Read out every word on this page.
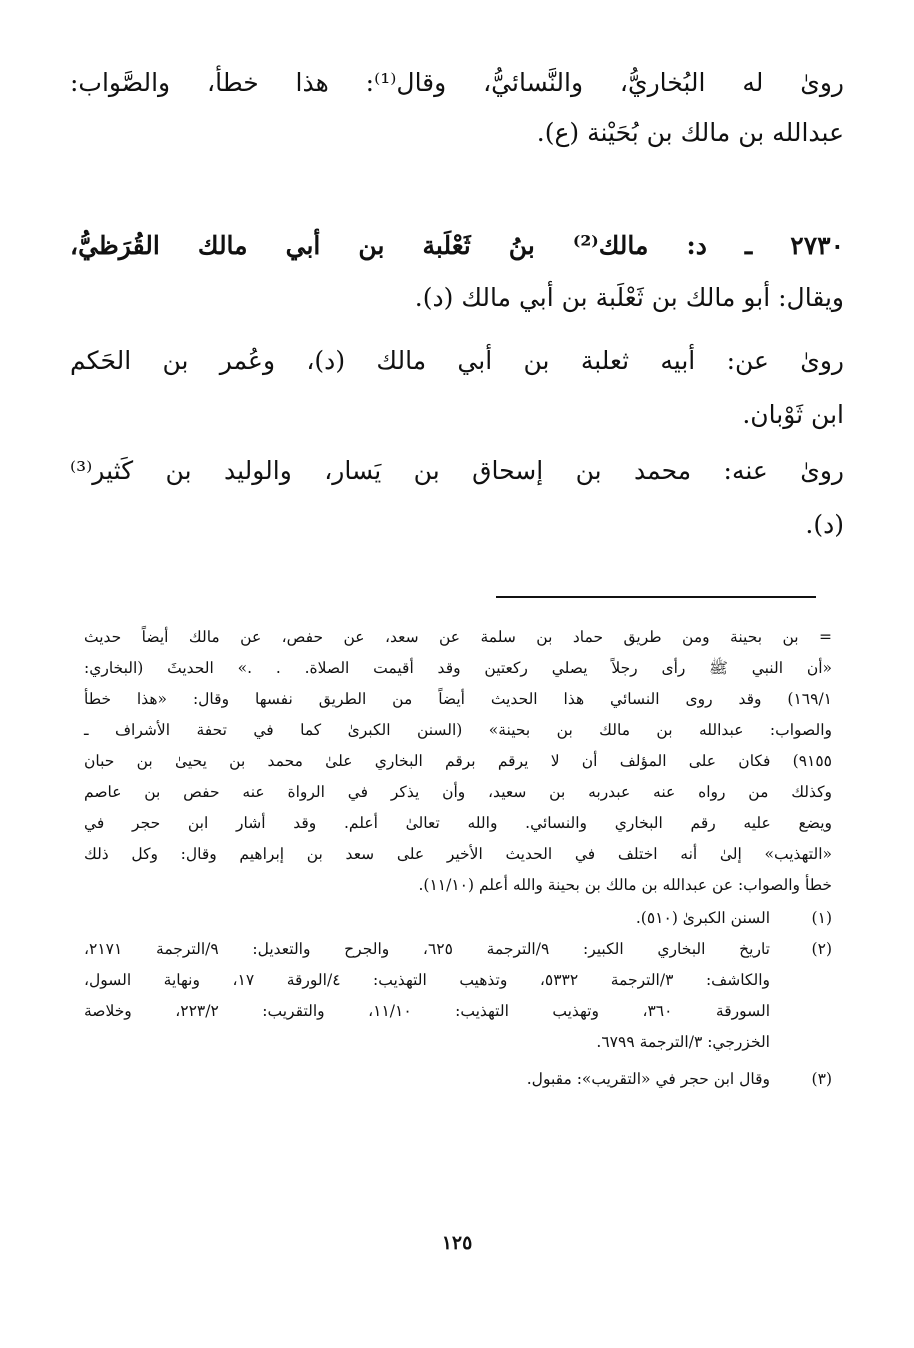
رویٰ له البُخاريُّ، والنَّسائيُّ، وقال⁽¹⁾: هذا خطأ، والصَّواب:
عبدالله بن مالك بن بُحَيْنة (ع).
٢٧٣٠ ـ د: مالك⁽²⁾ بنُ ثَعْلَبة بن أبي مالك القُرَظيُّ،
ويقال: أبو مالك بن ثَعْلَبة بن أبي مالك (د).
رویٰ عن: أبيه ثعلبة بن أبي مالك (د)، وعُمر بن الحَكم
ابن ثَوْبان.
رویٰ عنه: محمد بن إسحاق بن يَسار، والوليد بن كَثير⁽³⁾
(د).
= بن بحينة ومن طريق حماد بن سلمة عن سعد، عن حفص، عن مالك أيضاً حديث
«أن النبي ﷺ رأی رجلاً يصلي ركعتين وقد أقيمت الصلاة. . .» الحديثَ (البخاري:
١٦٩/١) وقد روی النسائي هذا الحديث أيضاً من الطريق نفسها وقال: «هذا خطأ
والصواب: عبدالله بن مالك بن بحينة» (السنن الكبریٰ كما في تحفة الأشراف ـ
٩١٥٥) فكان علی المؤلف أن لا يرقم برقم البخاري علیٰ محمد بن يحيیٰ بن حبان
وكذلك من رواه عنه عبدربه بن سعيد، وأن يذكر في الرواة عنه حفص بن عاصم
ويضع عليه رقم البخاري والنسائي. والله تعالیٰ أعلم. وقد أشار ابن حجر في
«التهذيب» إلیٰ أنه اختلف في الحديث الأخير علی سعد بن إبراهيم وقال: وكل ذلك
خطأ والصواب: عن عبدالله بن مالك بن بحينة والله أعلم (١١/١٠).
(١)
السنن الكبریٰ (٥١٠).
(٢)
تاريخ البخاري الكبير: ٩/الترجمة ٦٢٥، والجرح والتعديل: ٩/الترجمة ٢١٧١،
والكاشف: ٣/الترجمة ٥٣٣٢، وتذهيب التهذيب: ٤/الورقة ١٧، ونهاية السول،
السورقة ٣٦٠، وتهذيب التهذيب: ١١/١٠، والتقريب: ٢٢٣/٢، وخلاصة
الخزرجي: ٣/الترجمة ٦٧٩٩.
(٣)
وقال ابن حجر في «التقريب»: مقبول.
١٢٥
